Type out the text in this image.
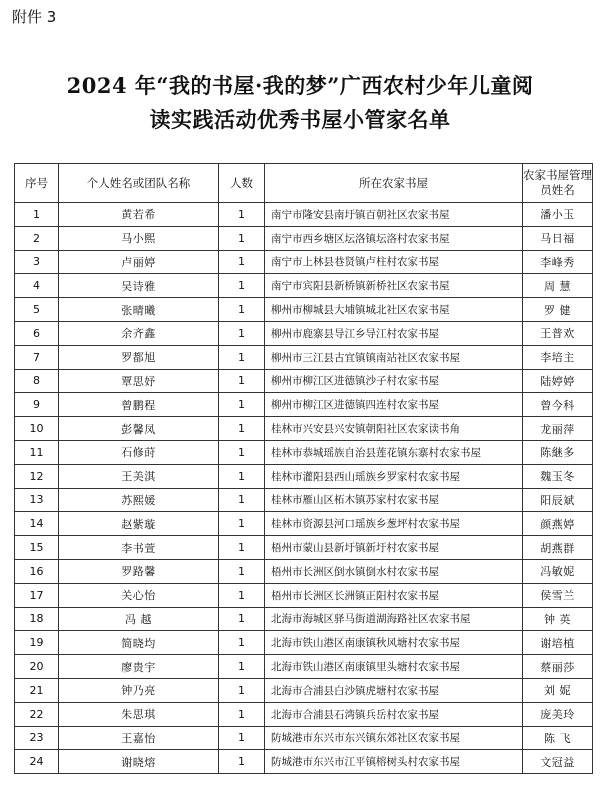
附件 3
2024 年“我的书屋·我的梦”广西农村少年儿童阅
读实践活动优秀书屋小管家名单
序号	个人姓名或团队名称	人数	所在农家书屋	农家书屋管理员姓名
1	黄若希	1	南宁市隆安县南圩镇百朝社区农家书屋	潘小玉
2	马小熙	1	南宁市西乡塘区坛洛镇坛洛村农家书屋	马日福
3	卢丽婷	1	南宁市上林县巷贤镇卢柱村农家书屋	李峰秀
4	吴诗雅	1	南宁市宾阳县新桥镇新桥社区农家书屋	周 慧
5	张晴曦	1	柳州市柳城县大埔镇城北社区农家书屋	罗 健
6	余齐鑫	1	柳州市鹿寨县导江乡导江村农家书屋	王普欢
7	罗都旭	1	柳州市三江县古宜镇镇南站社区农家书屋	李培主
8	覃思妤	1	柳州市柳江区进德镇沙子村农家书屋	陆婷婷
9	曾鹏程	1	柳州市柳江区进德镇四连村农家书屋	曾今科
10	彭馨凤	1	桂林市兴安县兴安镇朝阳社区农家读书角	龙丽萍
11	石修莳	1	桂林市恭城瑶族自治县莲花镇东寨村农家书屋	陈継多
12	王美淇	1	桂林市灌阳县西山瑶族乡罗家村农家书屋	魏玉冬
13	苏熙媛	1	桂林市雁山区柘木镇苏家村农家书屋	阳辰斌
14	赵紫璇	1	桂林市资源县河口瑶族乡葱坪村农家书屋	颜燕婷
15	李书萱	1	梧州市蒙山县新圩镇新圩村农家书屋	胡燕群
16	罗路馨	1	梧州市长洲区倒水镇倒水村农家书屋	冯敏妮
17	关心怡	1	梧州市长洲区长洲镇正阳村农家书屋	侯雪兰
18	冯 越	1	北海市海城区驿马街道湖海路社区农家书屋	钟 英
19	简晓均	1	北海市铁山港区南康镇秋风塘村农家书屋	谢培植
20	廖贵宇	1	北海市铁山港区南康镇里头塘村农家书屋	蔡丽莎
21	钟乃亮	1	北海市合浦县白沙镇虎塘村农家书屋	刘 妮
22	朱思琪	1	北海市合浦县石湾镇兵岳村农家书屋	庞美玲
23	王嘉怡	1	防城港市东兴市东兴镇东郊社区农家书屋	陈 飞
24	谢晓熔	1	防城港市东兴市江平镇榕树头村农家书屋	文冠益
